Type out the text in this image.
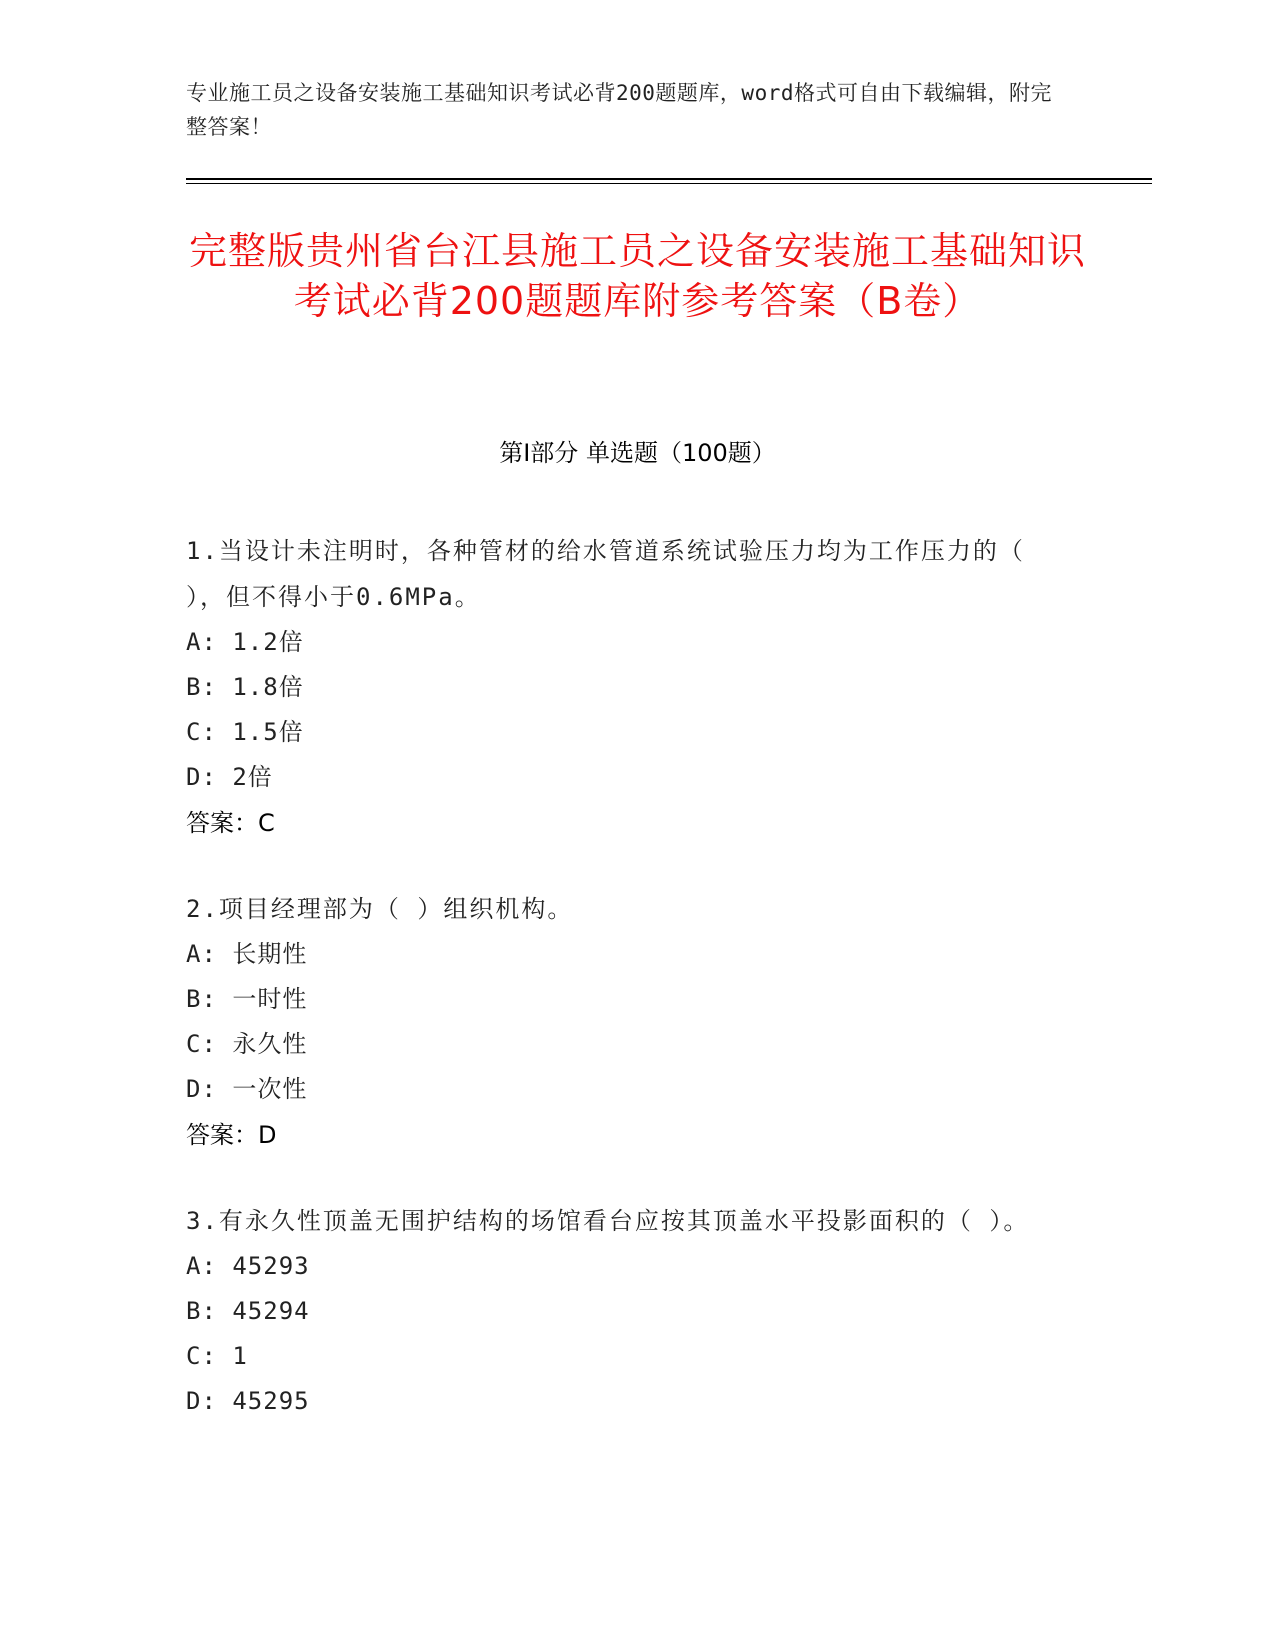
专业施工员之设备安装施工基础知识考试必背200题题库，word格式可自由下载编辑，附完整答案！
完整版贵州省台江县施工员之设备安装施工基础知识考试必背200题题库附参考答案（B卷）
第I部分 单选题（100题）
1.当设计未注明时，各种管材的给水管道系统试验压力均为工作压力的（ ），但不得小于0.6MPa。
A: 1.2倍
B: 1.8倍
C: 1.5倍
D: 2倍
答案：C
2.项目经理部为（ ）组织机构。
A: 长期性
B: 一时性
C: 永久性
D: 一次性
答案：D
3.有永久性顶盖无围护结构的场馆看台应按其顶盖水平投影面积的（ ）。
A: 45293
B: 45294
C: 1
D: 45295
